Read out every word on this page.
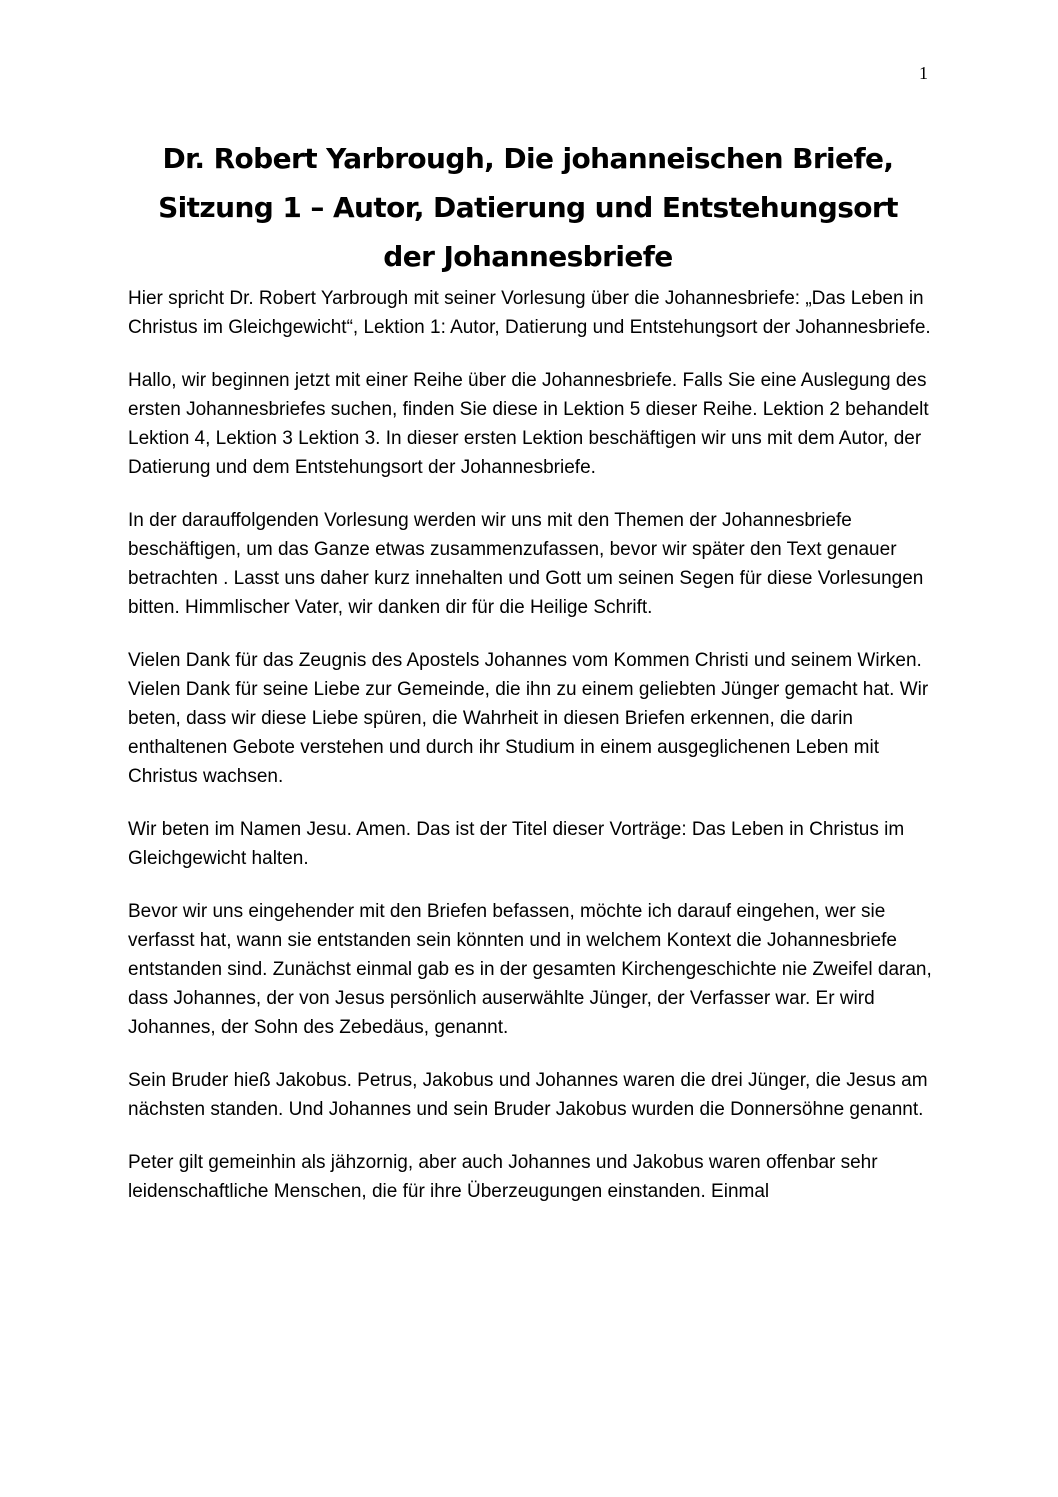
1
Dr. Robert Yarbrough, Die johanneischen Briefe, Sitzung 1 – Autor, Datierung und Entstehungsort der Johannesbriefe

Hier spricht Dr. Robert Yarbrough mit seiner Vorlesung über die Johannesbriefe: „Das Leben in Christus im Gleichgewicht“, Lektion 1: Autor, Datierung und Entstehungsort der Johannesbriefe.

Hallo, wir beginnen jetzt mit einer Reihe über die Johannesbriefe. Falls Sie eine Auslegung des ersten Johannesbriefes suchen, finden Sie diese in Lektion 5 dieser Reihe. Lektion 2 behandelt Lektion 4, Lektion 3 Lektion 3. In dieser ersten Lektion beschäftigen wir uns mit dem Autor, der Datierung und dem Entstehungsort der Johannesbriefe.

In der darauffolgenden Vorlesung werden wir uns mit den Themen der Johannesbriefe beschäftigen, um das Ganze etwas zusammenzufassen, bevor wir später den Text genauer betrachten . Lasst uns daher kurz innehalten und Gott um seinen Segen für diese Vorlesungen bitten. Himmlischer Vater, wir danken dir für die Heilige Schrift.

Vielen Dank für das Zeugnis des Apostels Johannes vom Kommen Christi und seinem Wirken. Vielen Dank für seine Liebe zur Gemeinde, die ihn zu einem geliebten Jünger gemacht hat. Wir beten, dass wir diese Liebe spüren, die Wahrheit in diesen Briefen erkennen, die darin enthaltenen Gebote verstehen und durch ihr Studium in einem ausgeglichenen Leben mit Christus wachsen.

Wir beten im Namen Jesu. Amen. Das ist der Titel dieser Vorträge: Das Leben in Christus im Gleichgewicht halten.

Bevor wir uns eingehender mit den Briefen befassen, möchte ich darauf eingehen, wer sie verfasst hat, wann sie entstanden sein könnten und in welchem Kontext die Johannesbriefe entstanden sind. Zunächst einmal gab es in der gesamten Kirchengeschichte nie Zweifel daran, dass Johannes, der von Jesus persönlich auserwählte Jünger, der Verfasser war. Er wird Johannes, der Sohn des Zebedäus, genannt.

Sein Bruder hieß Jakobus. Petrus, Jakobus und Johannes waren die drei Jünger, die Jesus am nächsten standen. Und Johannes und sein Bruder Jakobus wurden die Donnersöhne genannt.

Peter gilt gemeinhin als jähzornig, aber auch Johannes und Jakobus waren offenbar sehr leidenschaftliche Menschen, die für ihre Überzeugungen einstanden. Einmal
